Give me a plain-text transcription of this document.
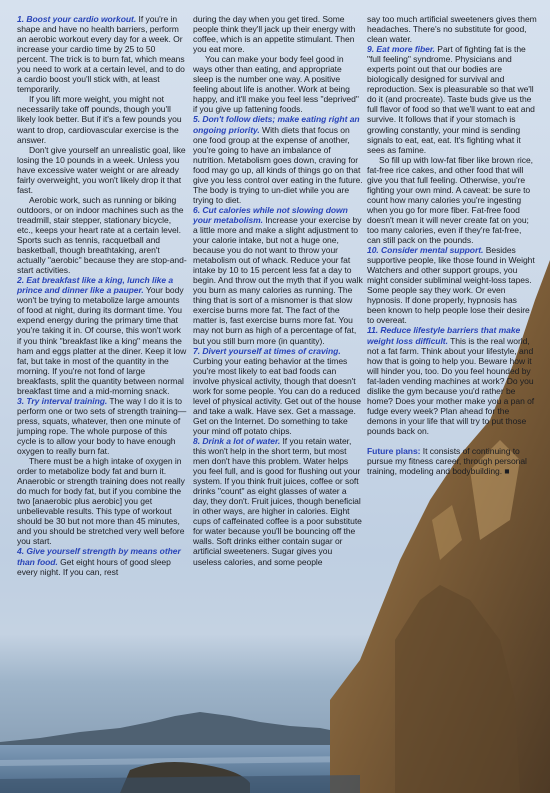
1. Boost your cardio workout. If you're in shape and have no health barriers, perform an aerobic workout every day for a week. Or increase your cardio time by 25 to 50 percent. The trick is to burn fat, which means you need to work at a certain level, and to do a cardio boost you'll stick with, at least temporarily.

If you lift more weight, you might not necessarily take off pounds, though you'll likely look better. But if it's a few pounds you want to drop, cardiovascular exercise is the answer.

Don't give yourself an unrealistic goal, like losing the 10 pounds in a week. Unless you have excessive water weight or are already fairly overweight, you won't likely drop it that fast.

Aerobic work, such as running or biking outdoors, or on indoor machines such as the treadmill, stair stepper, stationary bicycle, etc., keeps your heart rate at a certain level. Sports such as tennis, racquetball and basketball, though breathtaking, aren't actually "aerobic" because they are stop-and-start activities.

2. Eat breakfast like a king, lunch like a prince and dinner like a pauper. Your body won't be trying to metabolize large amounts of food at night, during its dormant time. You expend energy during the primary time that you're taking it in. Of course, this won't work if you think "breakfast like a king" means the ham and eggs platter at the diner. Keep it low fat, but take in most of the quantity in the morning. If you're not fond of large breakfasts, split the quantity between normal breakfast time and a mid-morning snack.

3. Try interval training. The way I do it is to perform one or two sets of strength training—press, squats, whatever, then one minute of jumping rope. The whole purpose of this cycle is to allow your body to have enough oxygen to really burn fat.

There must be a high intake of oxygen in order to metabolize body fat and burn it. Anaerobic or strength training does not really do much for body fat, but if you combine the two [anaerobic plus aerobic] you get unbelievable results. This type of workout should be 30 but not more than 45 minutes, and you should be stretched very well before you start.

4. Give yourself strength by means other than food. Get eight hours of good sleep every night. If you can, rest

during the day when you get tired. Some people think they'll jack up their energy with coffee, which is an appetite stimulant. Then you eat more.

You can make your body feel good in ways other than eating, and appropriate sleep is the number one way. A positive feeling about life is another. Work at being happy, and it'll make you feel less "deprived" if you give up fattening foods.

5. Don't follow diets; make eating right an ongoing priority. With diets that focus on one food group at the expense of another, you're going to have an imbalance of nutrition. Metabolism goes down, craving for food may go up, all kinds of things go on that give you less control over eating in the future. The body is trying to un-diet while you are trying to diet.

6. Cut calories while not slowing down your metabolism. Increase your exercise by a little more and make a slight adjustment to your calorie intake, but not a huge one, because you do not want to throw your metabolism out of whack. Reduce your fat intake by 10 to 15 percent less fat a day to begin. And throw out the myth that if you walk you burn as many calories as running. The thing that is sort of a misnomer is that slow exercise burns more fat. The fact of the matter is, fast exercise burns more fat. You may not burn as high of a percentage of fat, but you still burn more (in quantity).

7. Divert yourself at times of craving. Curbing your eating behavior at the times you're most likely to eat bad foods can involve physical activity, though that doesn't work for some people. You can do a reduced level of physical activity. Get out of the house and take a walk. Have sex. Get a massage. Get on the Internet. Do something to take your mind off potato chips.

8. Drink a lot of water. If you retain water, this won't help in the short term, but most men don't have this problem. Water helps you feel full, and is good for flushing out your system. If you think fruit juices, coffee or soft drinks "count" as eight glasses of water a day, they don't. Fruit juices, though beneficial in other ways, are higher in calories. Eight cups of caffeinated coffee is a poor substitute for water because you'll be bouncing off the walls. Soft drinks either contain sugar or artificial sweeteners. Sugar gives you useless calories, and some people

say too much artificial sweeteners gives them headaches. There's no substitute for good, clean water.

9. Eat more fiber. Part of fighting fat is the "full feeling" syndrome. Physicians and experts point out that our bodies are biologically designed for survival and reproduction. Sex is pleasurable so that we'll do it (and procreate). Taste buds give us the full flavor of food so that we'll want to eat and survive. It follows that if your stomach is growling constantly, your mind is sending signals to eat, eat, eat. It's fighting what it sees as famine.

So fill up with low-fat fiber like brown rice, fat-free rice cakes, and other food that will give you that full feeling. Otherwise, you're fighting your own mind. A caveat: be sure to count how many calories you're ingesting when you go for more fiber. Fat-free food doesn't mean it will never create fat on you; too many calories, even if they're fat-free, can still pack on the pounds.

10. Consider mental support. Besides supportive people, like those found in Weight Watchers and other support groups, you might consider subliminal weight-loss tapes. Some people say they work. Or even hypnosis. If done properly, hypnosis has been known to help people lose their desire to overeat.

11. Reduce lifestyle barriers that make weight loss difficult. This is the real world, not a fat farm. Think about your lifestyle, and how that is going to help you. Beware how it will hinder you, too. Do you feel hounded by fat-laden vending machines at work? Do you dislike the gym because you'd rather be home? Does your mother make you a pan of fudge every week? Plan ahead for the demons in your life that will try to put those pounds back on.

Future plans: It consists of continuing to pursue my fitness career, through personal training, modeling and bodybuilding. ■
